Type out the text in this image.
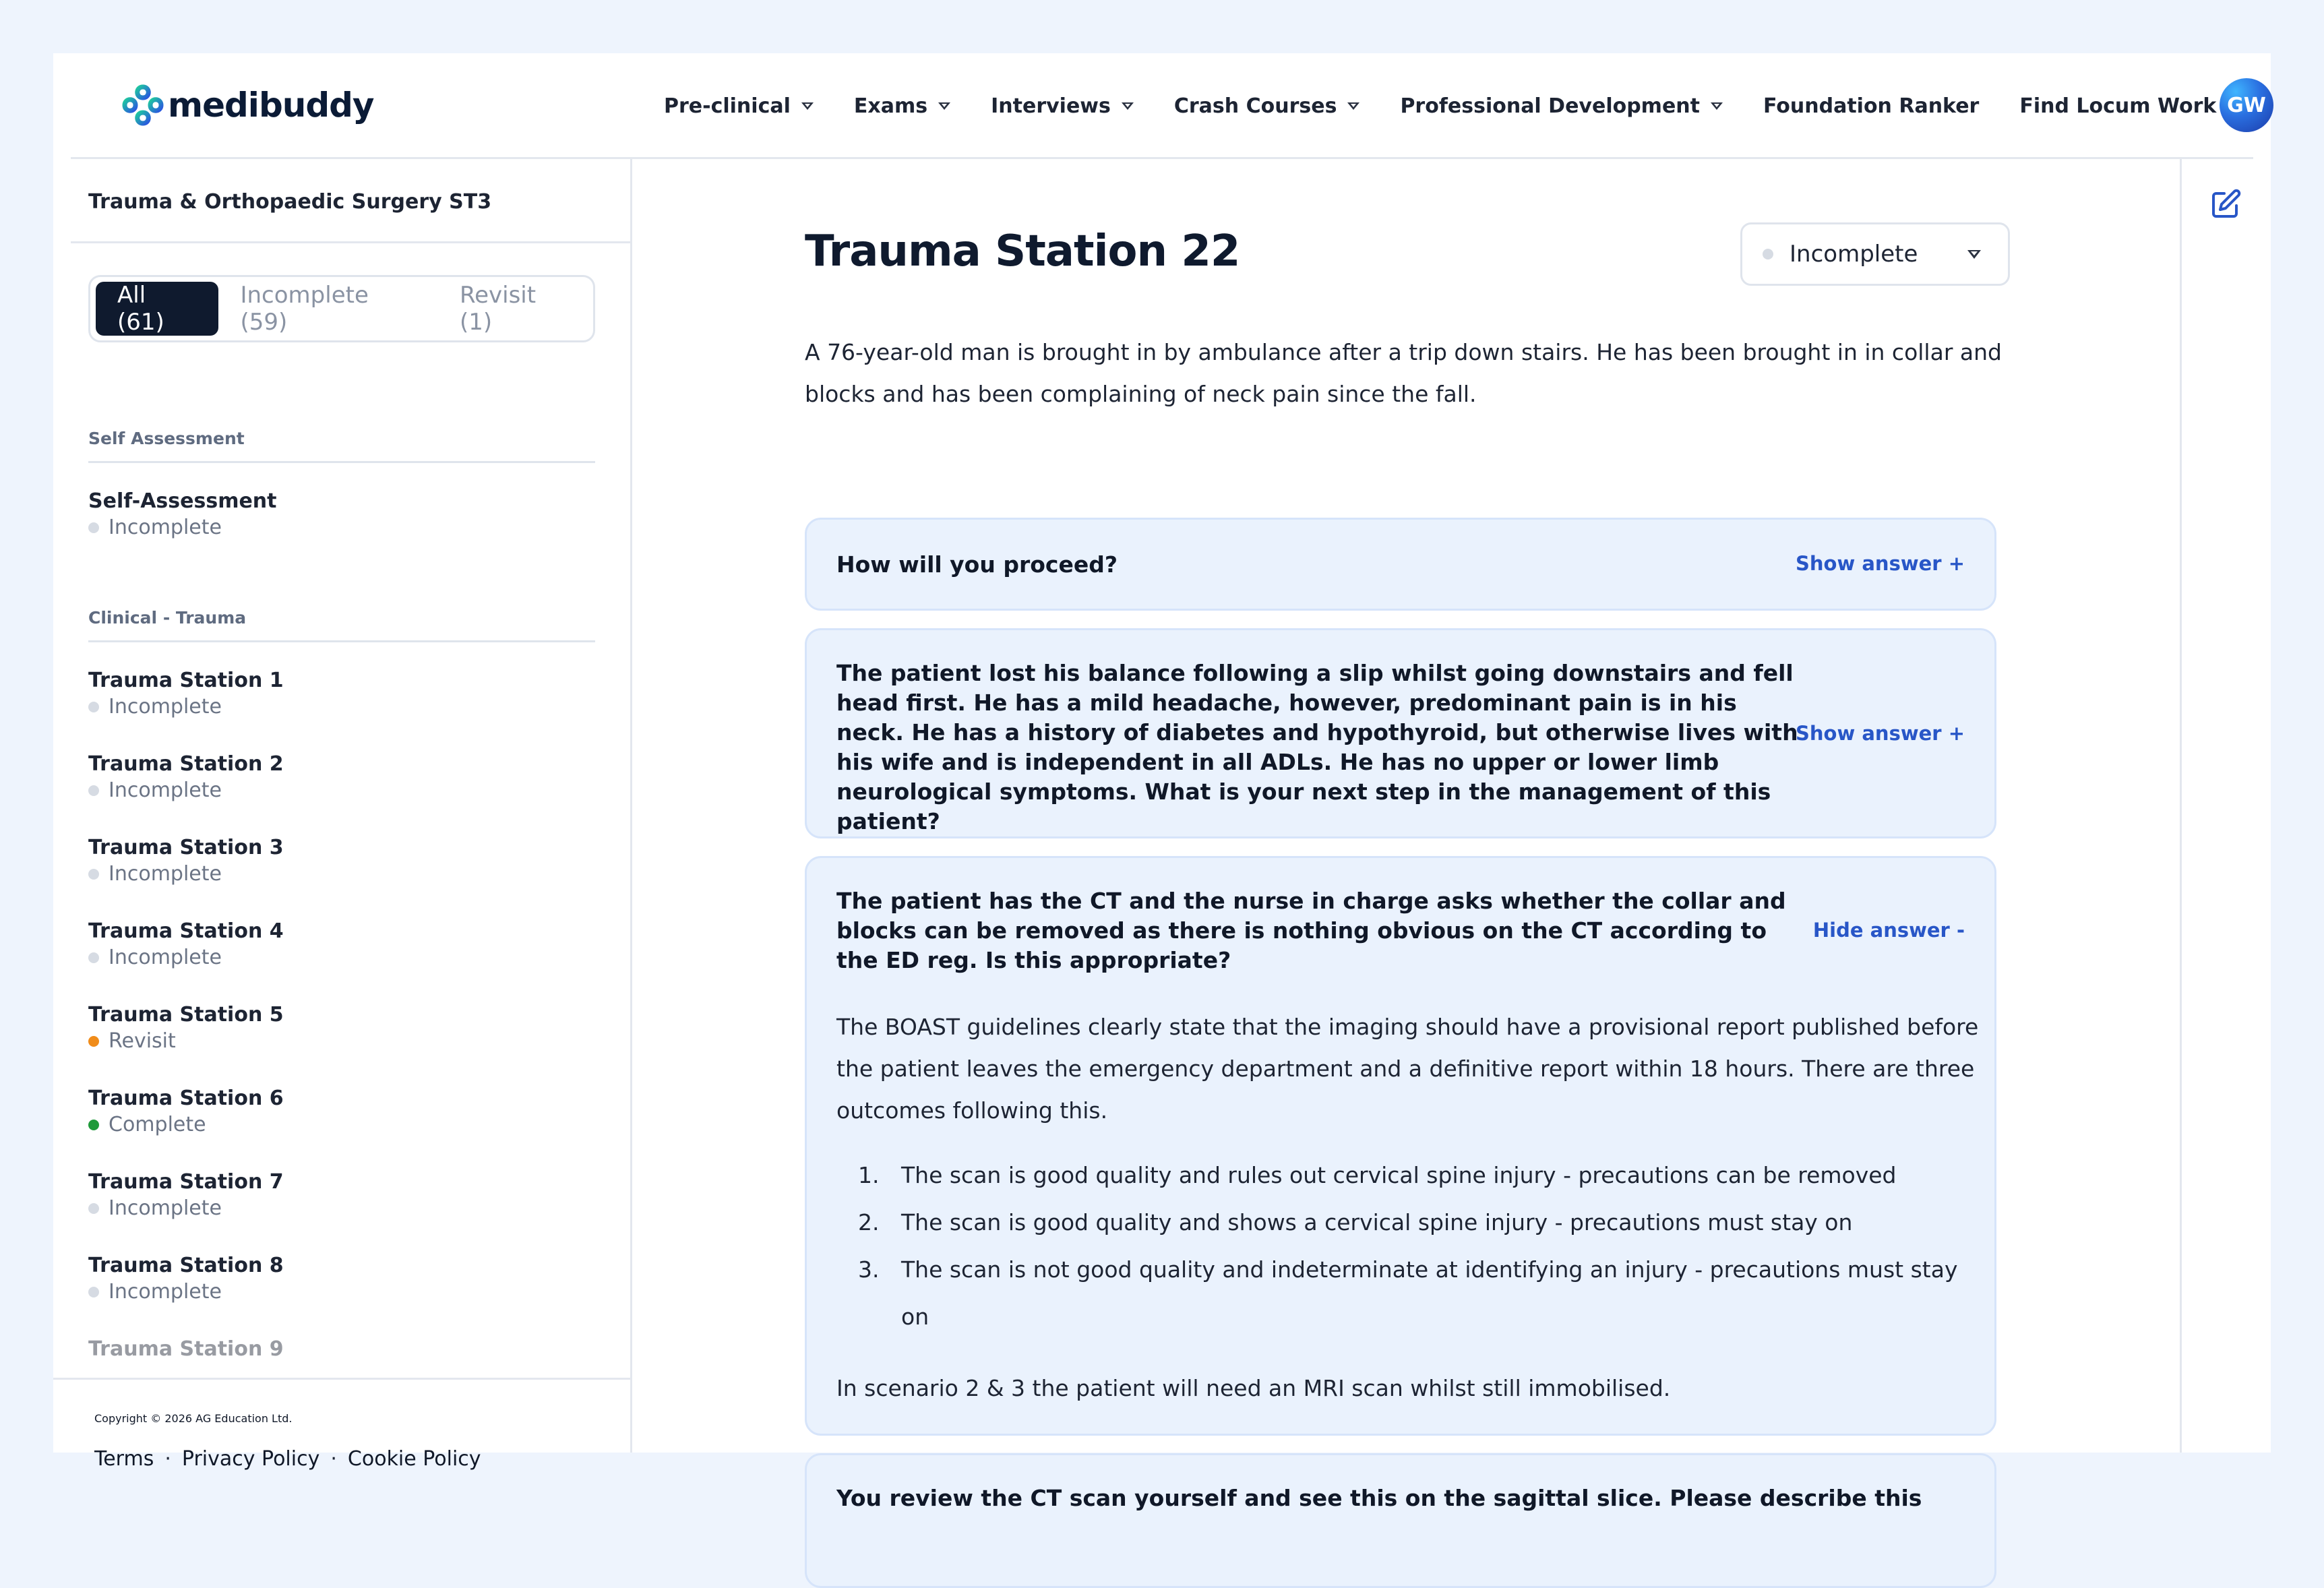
medibuddy	Pre-clinical	Exams	Interviews	Crash Courses	Professional Development	Foundation Ranker Find Locum Work GW
Trauma & Orthopaedic Surgery ST3
All (61)
Incomplete (59)
Revisit (1)
Self Assessment
Self-Assessment
Incomplete
Clinical - Trauma
Trauma Station 1
Incomplete
Trauma Station 2
Incomplete
Trauma Station 3
Incomplete
Trauma Station 4
Incomplete
Trauma Station 5
Revisit
Trauma Station 6
Complete
Trauma Station 7
Incomplete
Trauma Station 8
Incomplete
Trauma Station 9
Copyright © 2026 AG Education Ltd.
Terms · Privacy Policy · Cookie Policy
Trauma Station 22	Incomplete
A 76-year-old man is brought in by ambulance after a trip down stairs. He has been brought in in collar and blocks and has been complaining of neck pain since the fall.
How will you proceed?	Show answer +
The patient lost his balance following a slip whilst going downstairs and fell head first. He has a mild headache, however, predominant pain is in his neck. He has a history of diabetes and hypothyroid, but otherwise lives with his wife and is independent in all ADLs. He has no upper or lower limb neurological symptoms. What is your next step in the management of this patient?
Show answer +
The patient has the CT and the nurse in charge asks whether the collar and blocks can be removed as there is nothing obvious on the CT according to the ED reg. Is this appropriate?
Hide answer -

The BOAST guidelines clearly state that the imaging should have a provisional report published before the patient leaves the emergency department and a definitive report within 18 hours. There are three outcomes following this.

1. The scan is good quality and rules out cervical spine injury - precautions can be removed
2. The scan is good quality and shows a cervical spine injury - precautions must stay on
3. The scan is not good quality and indeterminate at identifying an injury - precautions must stay on

In scenario 2 & 3 the patient will need an MRI scan whilst still immobilised.

You review the CT scan yourself and see this on the sagittal slice. Please describe this
